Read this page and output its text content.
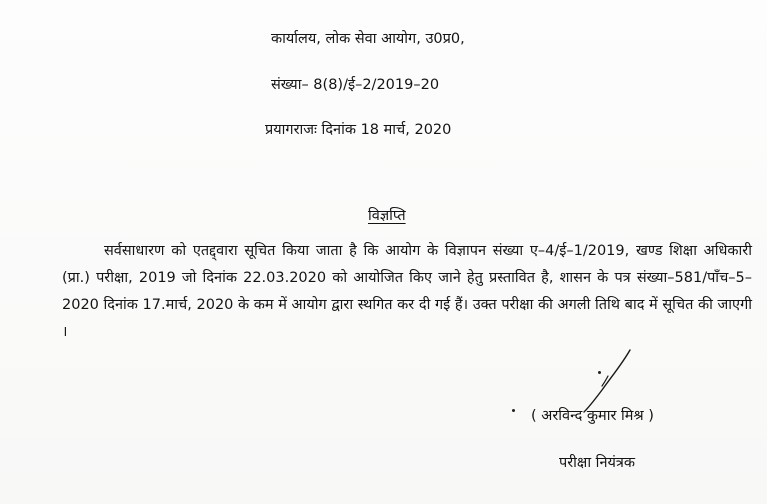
कार्यालय, लोक सेवा आयोग, उ0प्र0,
संख्या– 8(8)/ई–2/2019–20
प्रयागराजः दिनांक 18 मार्च, 2020
विज्ञप्ति
सर्वसाधारण को एतद्द्वारा सूचित किया जाता है कि आयोग के विज्ञापन संख्या ए–4/ई–1/2019, खण्ड शिक्षा अधिकारी (प्रा.) परीक्षा, 2019 जो दिनांक 22.03.2020 को आयोजित किए जाने हेतु प्रस्तावित है, शासन के पत्र संख्या–581/पाँच–5–2020 दिनांक 17.मार्च, 2020 के कम में आयोग द्वारा स्थगित कर दी गई हैं। उक्त परीक्षा की अगली तिथि बाद में सूचित की जाएगी ।
( अरविन्द कुमार मिश्र )
परीक्षा नियंत्रक
